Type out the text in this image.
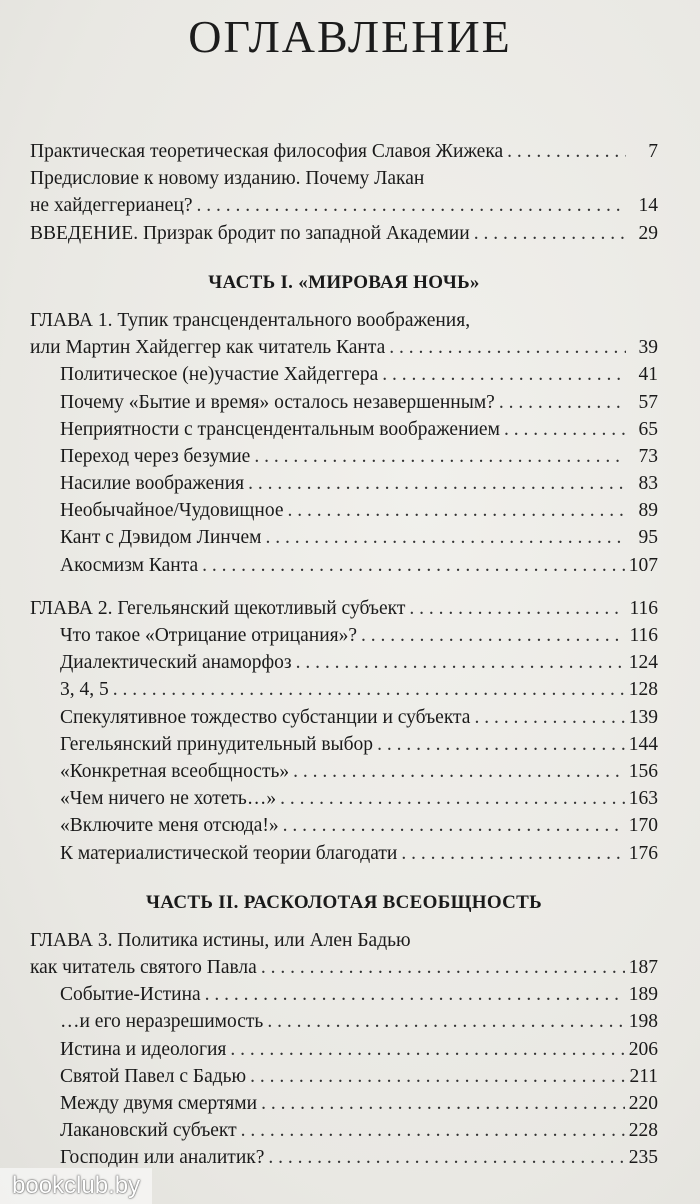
ОГЛАВЛЕНИЕ
Практическая теоретическая философия Славоя Жижека . . .	7
Предисловие к новому изданию. Почему Лакан
не хайдеггерианец? . . .	14
ВВЕДЕНИЕ. Призрак бродит по западной Академии . . .	29
ЧАСТЬ I. «МИРОВАЯ НОЧЬ»
ГЛАВА 1. Тупик трансцендентального воображения,
или Мартин Хайдеггер как читатель Канта . . .	39
Политическое (не)участие Хайдеггера . . .	41
Почему «Бытие и время» осталось незавершенным? . . .	57
Неприятности с трансцендентальным воображением . . .	65
Переход через безумие . . .	73
Насилие воображения . . .	83
Необычайное/Чудовищное . . .	89
Кант с Дэвидом Линчем . . .	95
Акосмизм Канта . . .	107
ГЛАВА 2. Гегельянский щекотливый субъект . . .	116
Что такое «Отрицание отрицания»? . . .	116
Диалектический анаморфоз . . .	124
3, 4, 5 . . .	128
Спекулятивное тождество субстанции и субъекта . . .	139
Гегельянский принудительный выбор . . .	144
«Конкретная всеобщность» . . .	156
«Чем ничего не хотеть…» . . .	163
«Включите меня отсюда!» . . .	170
К материалистической теории благодати . . .	176
ЧАСТЬ II. РАСКОЛОТАЯ ВСЕОБЩНОСТЬ
ГЛАВА 3. Политика истины, или Ален Бадью
как читатель святого Павла . . .	187
Событие-Истина . . .	189
…и его неразрешимость . . .	198
Истина и идеология . . .	206
Святой Павел с Бадью . . .	211
Между двумя смертями . . .	220
Лакановский субъект . . .	228
Господин или аналитик? . . .	235
bookclub.by
